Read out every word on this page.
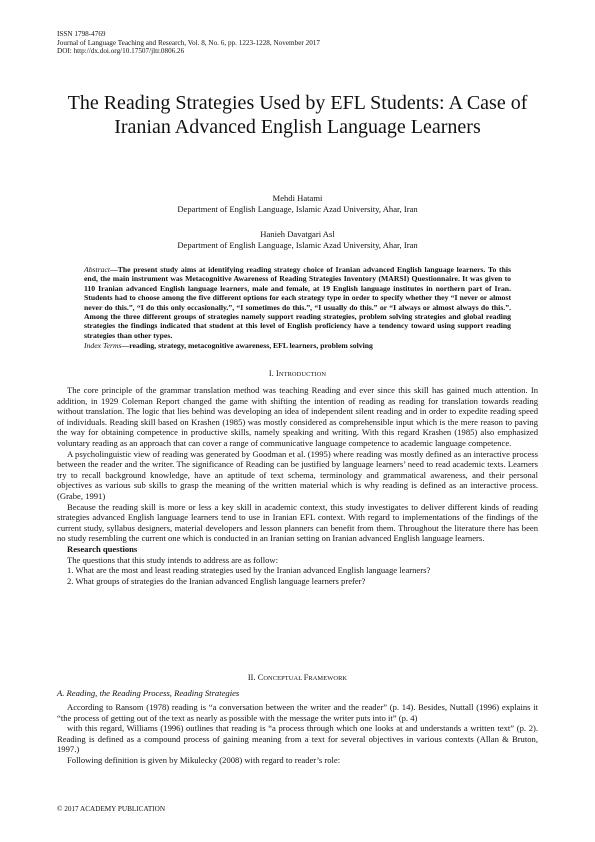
ISSN 1798-4769
Journal of Language Teaching and Research, Vol. 8, No. 6, pp. 1223-1228, November 2017
DOI: http://dx.doi.org/10.17507/jltr.0806.26
The Reading Strategies Used by EFL Students: A Case of Iranian Advanced English Language Learners
Mehdi Hatami
Department of English Language, Islamic Azad University, Ahar, Iran
Hanieh Davatgari Asl
Department of English Language, Islamic Azad University, Ahar, Iran

Abstract—The present study aims at identifying reading strategy choice of Iranian advanced English language learners. To this end, the main instrument was Metacognitive Awareness of Reading Strategies Inventory (MARSI) Questionnaire. It was given to 110 Iranian advanced English language learners, male and female, at 19 English language institutes in northern part of Iran. Students had to choose among the five different options for each strategy type in order to specify whether they “I never or almost never do this.”, “I do this only occasionally.”, “I sometimes do this.”, “I usually do this.” or “I always or almost always do this.”. Among the three different groups of strategies namely support reading strategies, problem solving strategies and global reading strategies the findings indicated that student at this level of English proficiency have a tendency toward using support reading strategies than other types.

Index Terms—reading, strategy, metacognitive awareness, EFL learners, problem solving

I. INTRODUCTION

The core principle of the grammar translation method was teaching Reading and ever since this skill has gained much attention. In addition, in 1929 Coleman Report changed the game with shifting the intention of reading as reading for translation towards reading without translation. The logic that lies behind was developing an idea of independent silent reading and in order to expedite reading speed of individuals. Reading skill based on Krashen (1985) was mostly considered as comprehensible input which is the mere reason to paving the way for obtaining competence in productive skills, namely speaking and writing. With this regard Krashen (1985) also emphasized voluntary reading as an approach that can cover a range of communicative language competence to academic language competence.

A psycholinguistic view of reading was generated by Goodman et al. (1995) where reading was mostly defined as an interactive process between the reader and the writer. The significance of Reading can be justified by language learners’ need to read academic texts. Learners try to recall background knowledge, have an aptitude of text schema, terminology and grammatical awareness, and their personal objectives as various sub skills to grasp the meaning of the written material which is why reading is defined as an interactive process. (Grabe, 1991)

Because the reading skill is more or less a key skill in academic context, this study investigates to deliver different kinds of reading strategies advanced English language learners tend to use in Iranian EFL context. With regard to implementations of the findings of the current study, syllabus designers, material developers and lesson planners can benefit from them. Throughout the literature there has been no study resembling the current one which is conducted in an Iranian setting on Iranian advanced English language learners.

Research questions

The questions that this study intends to address are as follow:

1. What are the most and least reading strategies used by the Iranian advanced English language learners?

2. What groups of strategies do the Iranian advanced English language learners prefer?

II. CONCEPTUAL FRAMEWORK
A. Reading, the Reading Process, Reading Strategies

According to Ransom (1978) reading is “a conversation between the writer and the reader” (p. 14). Besides, Nuttall (1996) explains it “the process of getting out of the text as nearly as possible with the message the writer puts into it” (p. 4)

with this regard, Williams (1996) outlines that reading is “a process through which one looks at and understands a written text” (p. 2). Reading is defined as a compound process of gaining meaning from a text for several objectives in various contexts (Allan & Bruton, 1997.)

Following definition is given by Mikulecky (2008) with regard to reader’s role:

© 2017 ACADEMY PUBLICATION
